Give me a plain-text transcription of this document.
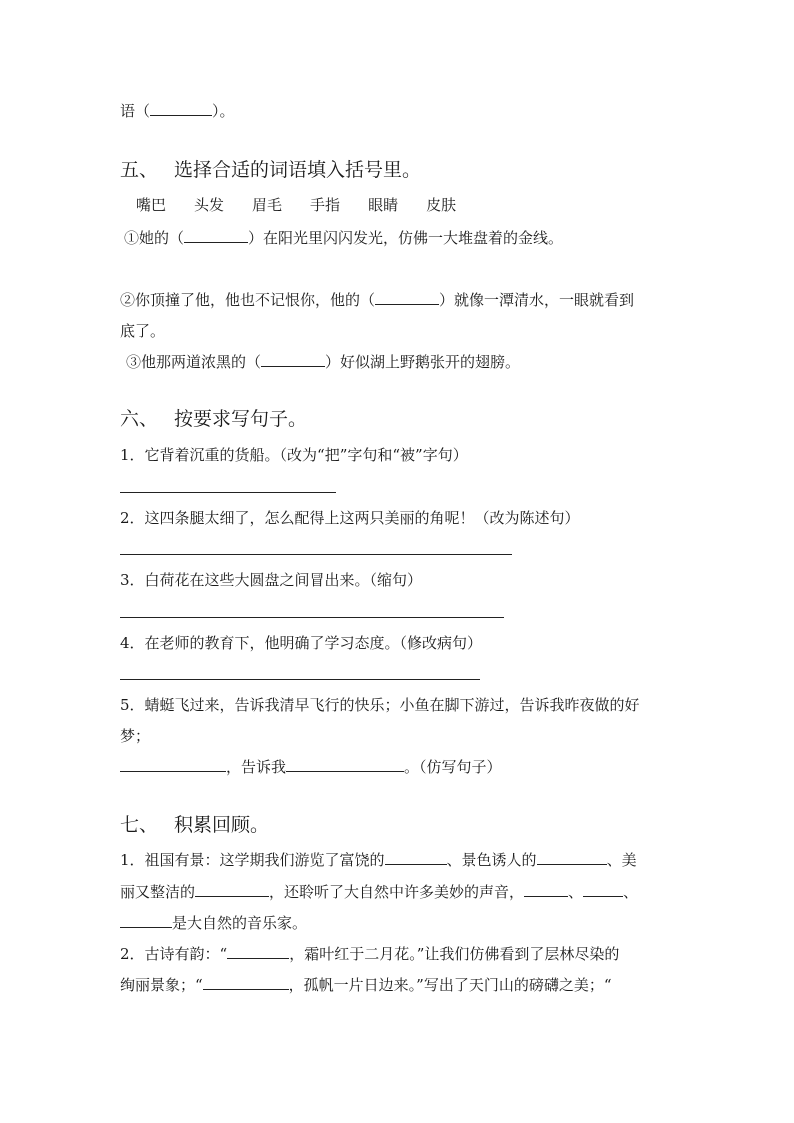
语（	）。
五、 选择合适的词语填入括号里。
嘴巴 头发 眉毛 手指 眼睛 皮肤
①她的（	）在阳光里闪闪发光，仿佛一大堆盘着的金线。
②你顶撞了他，他也不记恨你，他的（	）就像一潭清水，一眼就看到
底了。
③他那两道浓黑的（	）好似湖上野鹅张开的翅膀。
六、 按要求写句子。
1．它背着沉重的货船。（改为“把”字句和“被”字句）
2．这四条腿太细了，怎么配得上这两只美丽的角呢！（改为陈述句）
3．白荷花在这些大圆盘之间冒出来。（缩句）
4．在老师的教育下，他明确了学习态度。（修改病句）
5．蜻蜓飞过来，告诉我清早飞行的快乐；小鱼在脚下游过，告诉我昨夜做的好
梦；
，告诉我	。（仿写句子）
七、 积累回顾。
1．祖国有景：这学期我们游览了富饶的	、景色诱人的	、美
丽又整洁的	，还聆听了大自然中许多美妙的声音，	、	、
是大自然的音乐家。
2．古诗有韵：“	，霜叶红于二月花。”让我们仿佛看到了层林尽染的
绚丽景象；“	，孤帆一片日边来。”写出了天门山的磅礴之美；“
